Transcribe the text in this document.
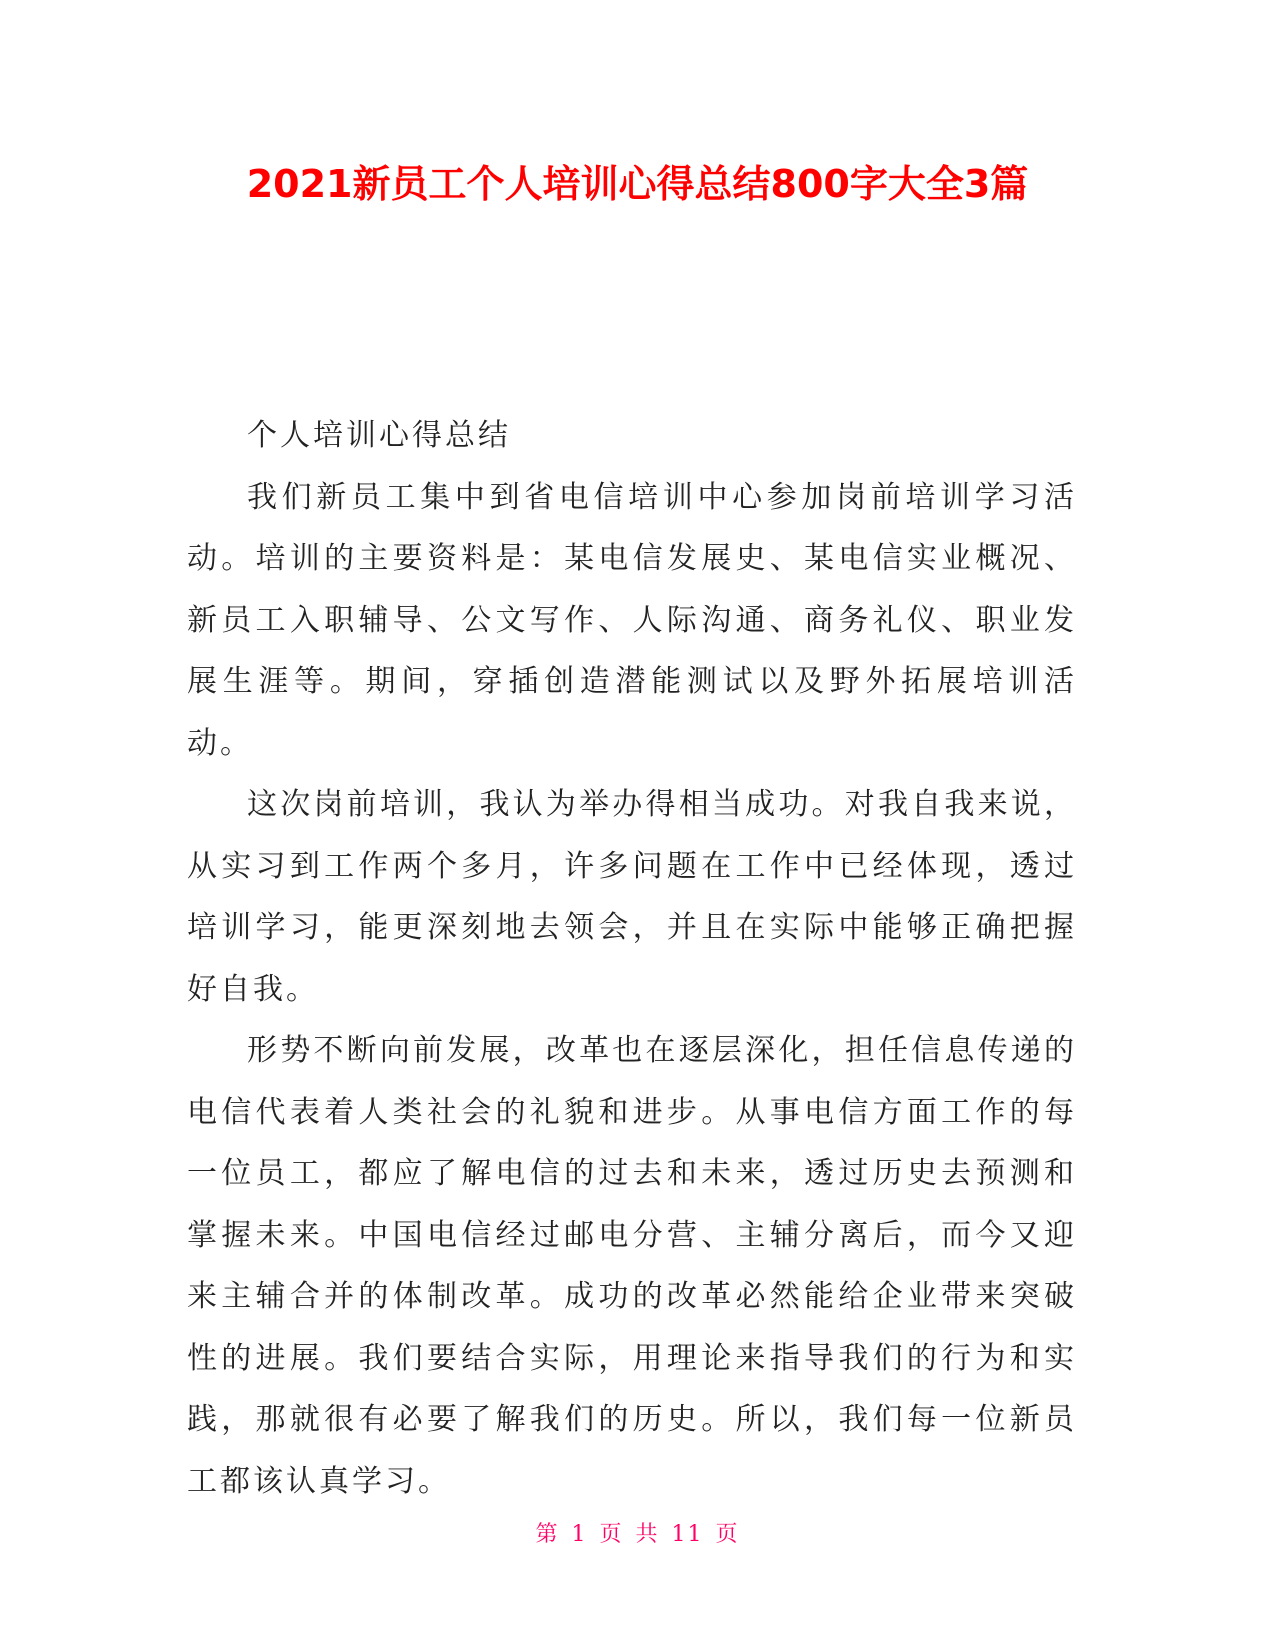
2021新员工个人培训心得总结800字大全3篇

个人培训心得总结

我们新员工集中到省电信培训中心参加岗前培训学习活动。培训的主要资料是：某电信发展史、某电信实业概况、新员工入职辅导、公文写作、人际沟通、商务礼仪、职业发展生涯等。期间，穿插创造潜能测试以及野外拓展培训活动。

这次岗前培训，我认为举办得相当成功。对我自我来说，从实习到工作两个多月，许多问题在工作中已经体现，透过培训学习，能更深刻地去领会，并且在实际中能够正确把握好自我。

形势不断向前发展，改革也在逐层深化，担任信息传递的电信代表着人类社会的礼貌和进步。从事电信方面工作的每一位员工，都应了解电信的过去和未来，透过历史去预测和掌握未来。中国电信经过邮电分营、主辅分离后，而今又迎来主辅合并的体制改革。成功的改革必然能给企业带来突破性的进展。我们要结合实际，用理论来指导我们的行为和实践，那就很有必要了解我们的历史。所以，我们每一位新员工都该认真学习。

第 1 页 共 11 页
